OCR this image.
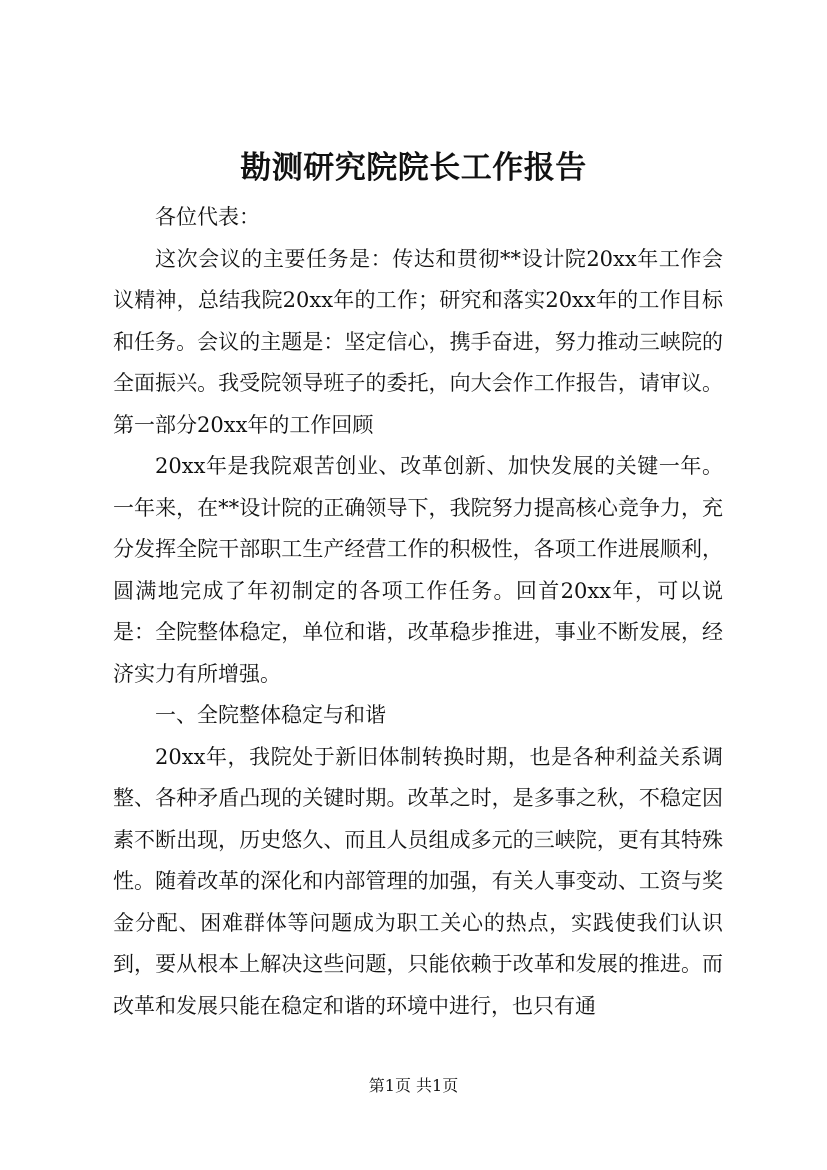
勘测研究院院长工作报告

各位代表：

这次会议的主要任务是：传达和贯彻**设计院20xx年工作会议精神，总结我院20xx年的工作；研究和落实20xx年的工作目标和任务。会议的主题是：坚定信心，携手奋进，努力推动三峡院的全面振兴。我受院领导班子的委托，向大会作工作报告，请审议。第一部分20xx年的工作回顾

20xx年是我院艰苦创业、改革创新、加快发展的关键一年。一年来，在**设计院的正确领导下，我院努力提高核心竞争力，充分发挥全院干部职工生产经营工作的积极性，各项工作进展顺利，圆满地完成了年初制定的各项工作任务。回首20xx年，可以说是：全院整体稳定，单位和谐，改革稳步推进，事业不断发展，经济实力有所增强。

一、全院整体稳定与和谐

20xx年，我院处于新旧体制转换时期，也是各种利益关系调整、各种矛盾凸现的关键时期。改革之时，是多事之秋，不稳定因素不断出现，历史悠久、而且人员组成多元的三峡院，更有其特殊性。随着改革的深化和内部管理的加强，有关人事变动、工资与奖金分配、困难群体等问题成为职工关心的热点，实践使我们认识到，要从根本上解决这些问题，只能依赖于改革和发展的推进。而改革和发展只能在稳定和谐的环境中进行，也只有通

第1页 共1页
